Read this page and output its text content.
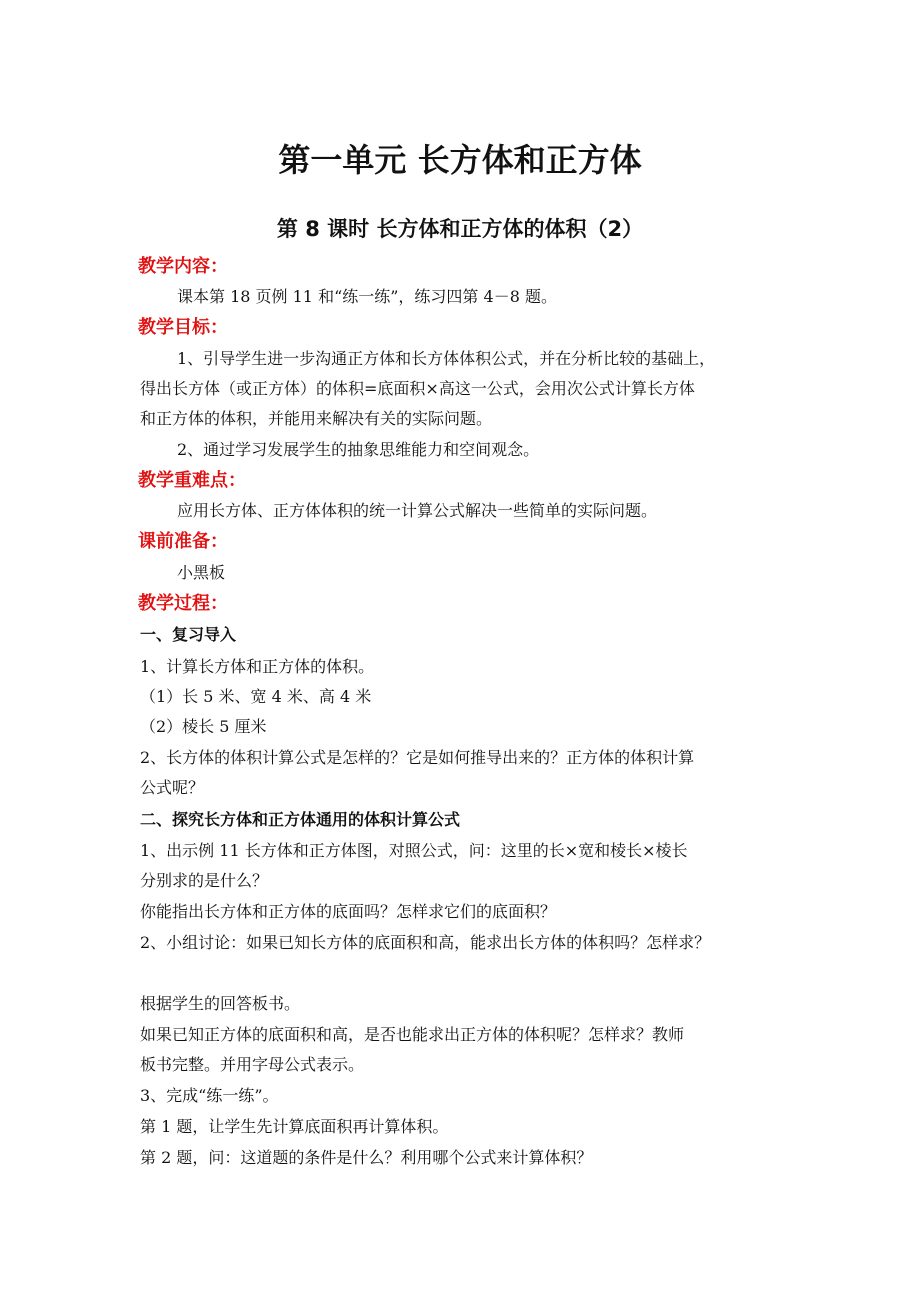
第一单元 长方体和正方体
第 8 课时 长方体和正方体的体积（2）
教学内容：
课本第 18 页例 11 和“练一练”，练习四第 4－8 题。
教学目标：
1、引导学生进一步沟通正方体和长方体体积公式，并在分析比较的基础上，
得出长方体（或正方体）的体积=底面积×高这一公式，会用次公式计算长方体
和正方体的体积，并能用来解决有关的实际问题。
2、通过学习发展学生的抽象思维能力和空间观念。
教学重难点：
应用长方体、正方体体积的统一计算公式解决一些简单的实际问题。
课前准备：
小黑板
教学过程：
一、复习导入
1、计算长方体和正方体的体积。
（1）长 5 米、宽 4 米、高 4 米
（2）棱长 5 厘米
2、长方体的体积计算公式是怎样的？它是如何推导出来的？正方体的体积计算
公式呢？
二、探究长方体和正方体通用的体积计算公式
1、出示例 11 长方体和正方体图，对照公式，问：这里的长×宽和棱长×棱长
分别求的是什么？
你能指出长方体和正方体的底面吗？怎样求它们的底面积？
2、小组讨论：如果已知长方体的底面积和高，能求出长方体的体积吗？怎样求？
根据学生的回答板书。
如果已知正方体的底面积和高，是否也能求出正方体的体积呢？怎样求？教师
板书完整。并用字母公式表示。
3、完成“练一练”。
第 1 题，让学生先计算底面积再计算体积。
第 2 题，问：这道题的条件是什么？利用哪个公式来计算体积？
